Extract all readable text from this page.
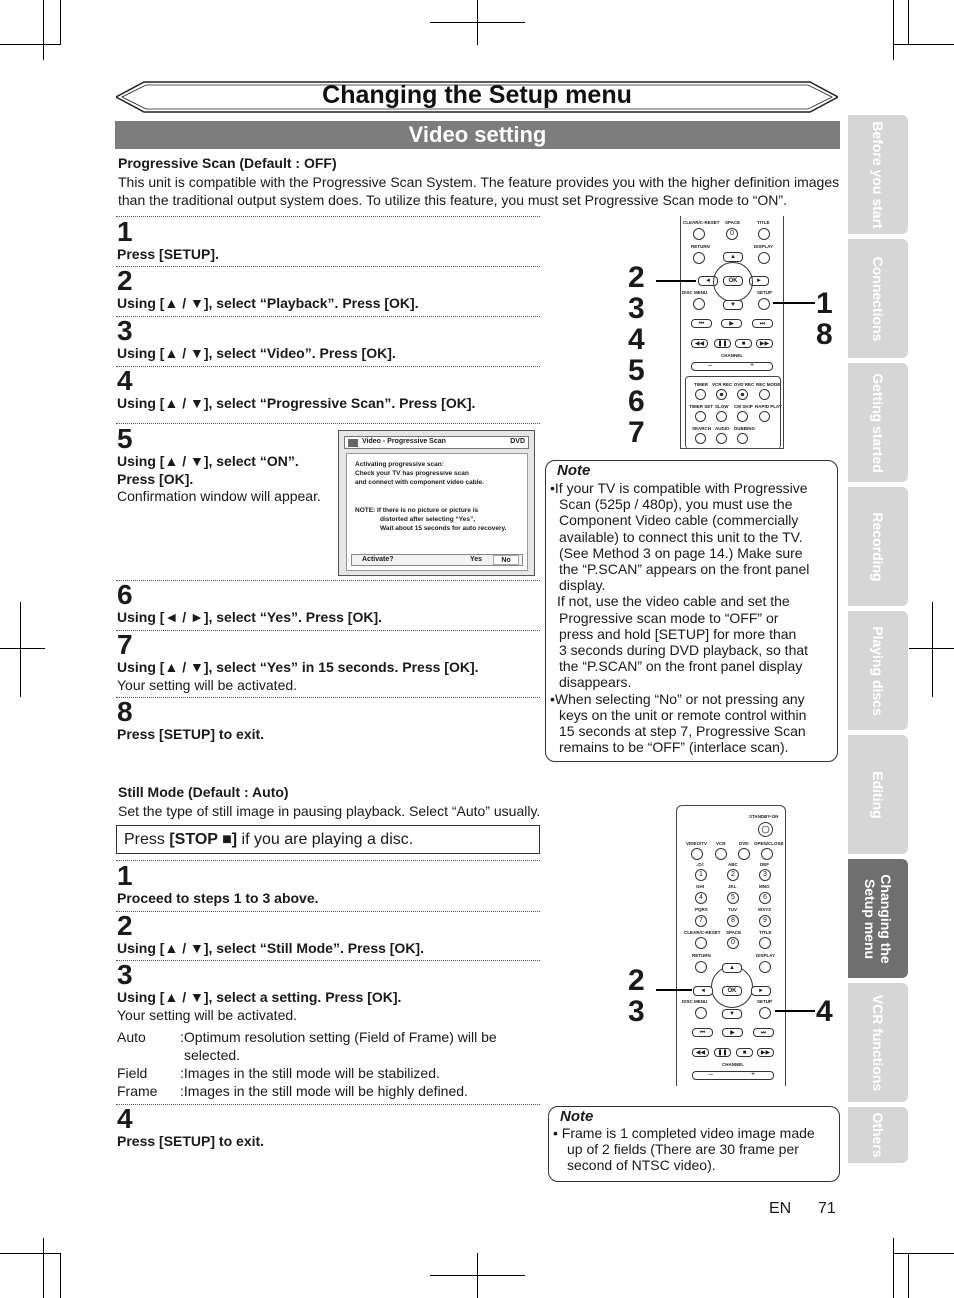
Changing the Setup menu
Video setting
Progressive Scan (Default : OFF)
This unit is compatible with the Progressive Scan System. The feature provides you with the higher definition images
than the traditional output system does. To utilize this feature, you must set Progressive Scan mode to “ON”.
1
Press [SETUP].
2
Using [▲ / ▼], select “Playback”. Press [OK].
3
Using [▲ / ▼], select “Video”. Press [OK].
4
Using [▲ / ▼], select “Progressive Scan”. Press [OK].
5
Using [▲ / ▼], select “ON”.
Press [OK].
Confirmation window will appear.
Video - Progressive Scan	DVD
Activating progressive scan:
Check your TV has progressive scan
and connect with component video cable.
NOTE: If there is no picture or picture is
distorted after selecting “Yes”,
Wait about 15 seconds for auto recovery.
Activate?	Yes	No
6
Using [◄ / ►], select “Yes”. Press [OK].
7
Using [▲ / ▼], select “Yes” in 15 seconds. Press [OK].
Your setting will be activated.
8
Press [SETUP] to exit.
2
3
4
5
6
7
1
8
CLEAR/C-RESET SPACE	TITLE
0
RETURN	DISPLAY
▲
◄	OK	►
DISC MENU	SETUP
▼
⏮	▶	⏭
◀◀	❚❚	■	▶▶
CHANNEL
–	+
TIMER VCR REC DVD REC REC MODE
TIMER SET SLOW CM SKIP RAPID PLAY
SEARCH AUDIO DUBBING
Note
•If your TV is compatible with Progressive
Scan (525p / 480p), you must use the
Component Video cable (commercially
available) to connect this unit to the TV.
(See Method 3 on page 14.) Make sure
the “P.SCAN” appears on the front panel
display.
If not, use the video cable and set the
Progressive scan mode to “OFF” or
press and hold [SETUP] for more than
3 seconds during DVD playback, so that
the “P.SCAN” on the front panel display
disappears.
•When selecting “No” or not pressing any
keys on the unit or remote control within
15 seconds at step 7, Progressive Scan
remains to be “OFF” (interlace scan).
Still Mode (Default : Auto)
Set the type of still image in pausing playback. Select “Auto” usually.
Press [STOP ■] if you are playing a disc.
1
Proceed to steps 1 to 3 above.
2
Using [▲ / ▼], select “Still Mode”. Press [OK].
3
Using [▲ / ▼], select a setting. Press [OK].
Your setting will be activated.
Auto :Optimum resolution setting (Field of Frame) will be
selected.
Field :Images in the still mode will be stabilized.
Frame :Images in the still mode will be highly defined.
4
Press [SETUP] to exit.
2
3	4
STANDBY-ON
VIDEO/TV VCR	DVD OPEN/CLOSE
.@/:	ABC	DEF
1	2	3
GHI	JKL	MNO
4	5	6
PQRS	TUV	WXYZ
7	8	9
CLEAR/C-RESET SPACE	TITLE
0
RETURN	DISPLAY
▲
◄	OK	►
DISC MENU	SETUP
▼
⏮	▶	⏭
◀◀	❚❚	■	▶▶
CHANNEL
–	+
Note
• Frame is 1 completed video image made
up of 2 fields (There are 30 frame per
second of NTSC video).
Before you start
Connections
Getting started
Recording
Playing discs
Editing
Changing the
Setup menu
VCR functions
Others
EN 71
